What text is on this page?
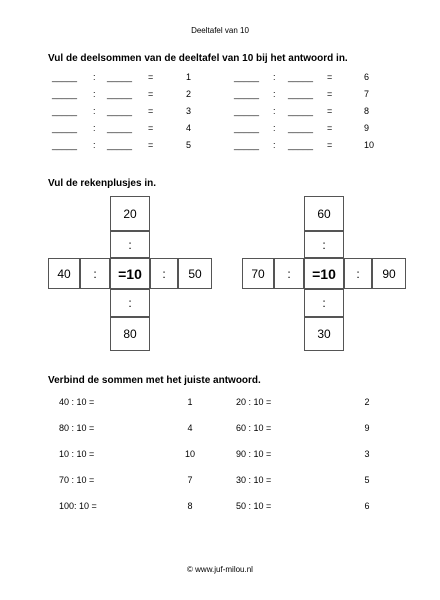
Deeltafel van 10
Vul de deelsommen van de deeltafel van 10 bij het antwoord in.
_____ : _____ =	1
_____ : _____ =	2
_____ : _____ =	3
_____ : _____ =	4
_____ : _____ =	5
_____ : _____ =	6
_____ : _____ =	7
_____ : _____ =	8
_____ : _____ =	9
_____ : _____ =	10
Vul de rekenplusjes in.
20
:
40	:	=10	:	50
:
80
60
:
70	:	=10	:	90
:
30
Verbind de sommen met het juiste antwoord.
40 : 10 =	1	20 : 10 =	2
80 : 10 =	4	60 : 10 =	9
10 : 10 =	10	90 : 10 =	3
70 : 10 =	7	30 : 10 =	5
100: 10 =	8	50 : 10 =	6
© www.juf-milou.nl
